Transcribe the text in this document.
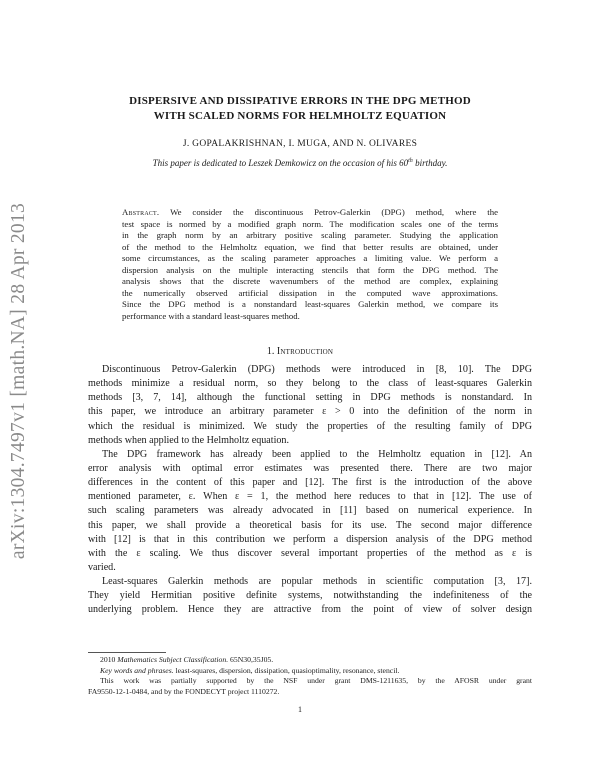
arXiv:1304.7497v1 [math.NA] 28 Apr 2013
DISPERSIVE AND DISSIPATIVE ERRORS IN THE DPG METHOD
WITH SCALED NORMS FOR HELMHOLTZ EQUATION
J. GOPALAKRISHNAN, I. MUGA, AND N. OLIVARES
This paper is dedicated to Leszek Demkowicz on the occasion of his 60th birthday.
Abstract. We consider the discontinuous Petrov-Galerkin (DPG) method, where the
test space is normed by a modified graph norm. The modification scales one of the terms
in the graph norm by an arbitrary positive scaling parameter. Studying the application
of the method to the Helmholtz equation, we find that better results are obtained, under
some circumstances, as the scaling parameter approaches a limiting value. We perform a
dispersion analysis on the multiple interacting stencils that form the DPG method. The
analysis shows that the discrete wavenumbers of the method are complex, explaining
the numerically observed artificial dissipation in the computed wave approximations.
Since the DPG method is a nonstandard least-squares Galerkin method, we compare its
performance with a standard least-squares method.
1. Introduction
Discontinuous Petrov-Galerkin (DPG) methods were introduced in [8, 10]. The DPG
methods minimize a residual norm, so they belong to the class of least-squares Galerkin
methods [3, 7, 14], although the functional setting in DPG methods is nonstandard. In
this paper, we introduce an arbitrary parameter ε > 0 into the definition of the norm in
which the residual is minimized. We study the properties of the resulting family of DPG
methods when applied to the Helmholtz equation.
The DPG framework has already been applied to the Helmholtz equation in [12]. An
error analysis with optimal error estimates was presented there. There are two major
differences in the content of this paper and [12]. The first is the introduction of the above
mentioned parameter, ε. When ε = 1, the method here reduces to that in [12]. The use of
such scaling parameters was already advocated in [11] based on numerical experience. In
this paper, we shall provide a theoretical basis for its use. The second major difference
with [12] is that in this contribution we perform a dispersion analysis of the DPG method
with the ε scaling. We thus discover several important properties of the method as ε is
varied.
Least-squares Galerkin methods are popular methods in scientific computation [3, 17].
They yield Hermitian positive definite systems, notwithstanding the indefiniteness of the
underlying problem. Hence they are attractive from the point of view of solver design
2010 Mathematics Subject Classification. 65N30,35J05.
Key words and phrases. least-squares, dispersion, dissipation, quasioptimality, resonance, stencil.
This work was partially supported by the NSF under grant DMS-1211635, by the AFOSR under grant
FA9550-12-1-0484, and by the FONDECYT project 1110272.
1
